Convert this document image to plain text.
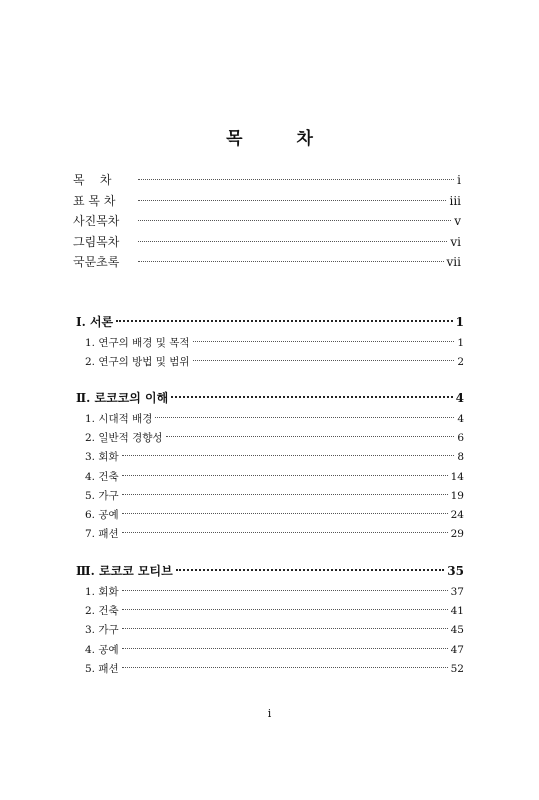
목 차
목    차	i
표 목 차	iii
사진목차	v
그림목차	vi
국문초록	vii
Ⅰ. 서론	1
1. 연구의 배경 및 목적	1
2. 연구의 방법 및 범위	2
Ⅱ. 로코코의 이해	4
1. 시대적 배경	4
2. 일반적 경향성	6
3. 회화	8
4. 건축	14
5. 가구	19
6. 공예	24
7. 패션	29
Ⅲ. 로코코 모티브	35
1. 회화	37
2. 건축	41
3. 가구	45
4. 공예	47
5. 패션	52
i
